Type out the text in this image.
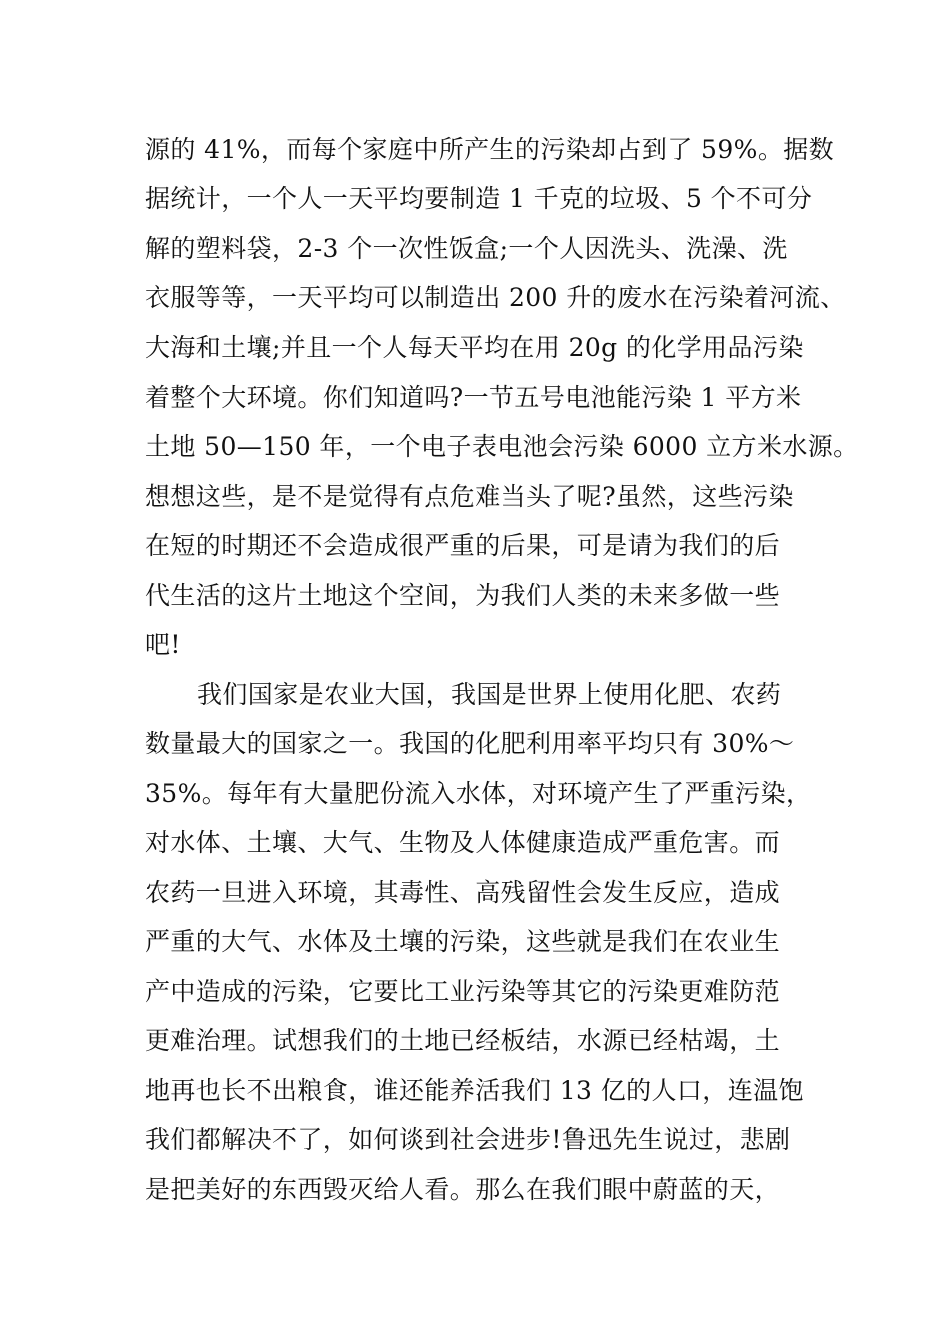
源的 41%，而每个家庭中所产生的污染却占到了 59%。据数
据统计，一个人一天平均要制造 1 千克的垃圾、5 个不可分
解的塑料袋，2-3 个一次性饭盒;一个人因洗头、洗澡、洗
衣服等等，一天平均可以制造出 200 升的废水在污染着河流、
大海和土壤;并且一个人每天平均在用 20g 的化学用品污染
着整个大环境。你们知道吗?一节五号电池能污染 1 平方米
土地 50—150 年，一个电子表电池会污染 6000 立方米水源。
想想这些，是不是觉得有点危难当头了呢?虽然，这些污染
在短的时期还不会造成很严重的后果，可是请为我们的后
代生活的这片土地这个空间，为我们人类的未来多做一些
吧!
我们国家是农业大国，我国是世界上使用化肥、农药
数量最大的国家之一。我国的化肥利用率平均只有 30%～
35%。每年有大量肥份流入水体，对环境产生了严重污染，
对水体、土壤、大气、生物及人体健康造成严重危害。而
农药一旦进入环境，其毒性、高残留性会发生反应，造成
严重的大气、水体及土壤的污染，这些就是我们在农业生
产中造成的污染，它要比工业污染等其它的污染更难防范
更难治理。试想我们的土地已经板结，水源已经枯竭，土
地再也长不出粮食，谁还能养活我们 13 亿的人口，连温饱
我们都解决不了，如何谈到社会进步!鲁迅先生说过，悲剧
是把美好的东西毁灭给人看。那么在我们眼中蔚蓝的天，
